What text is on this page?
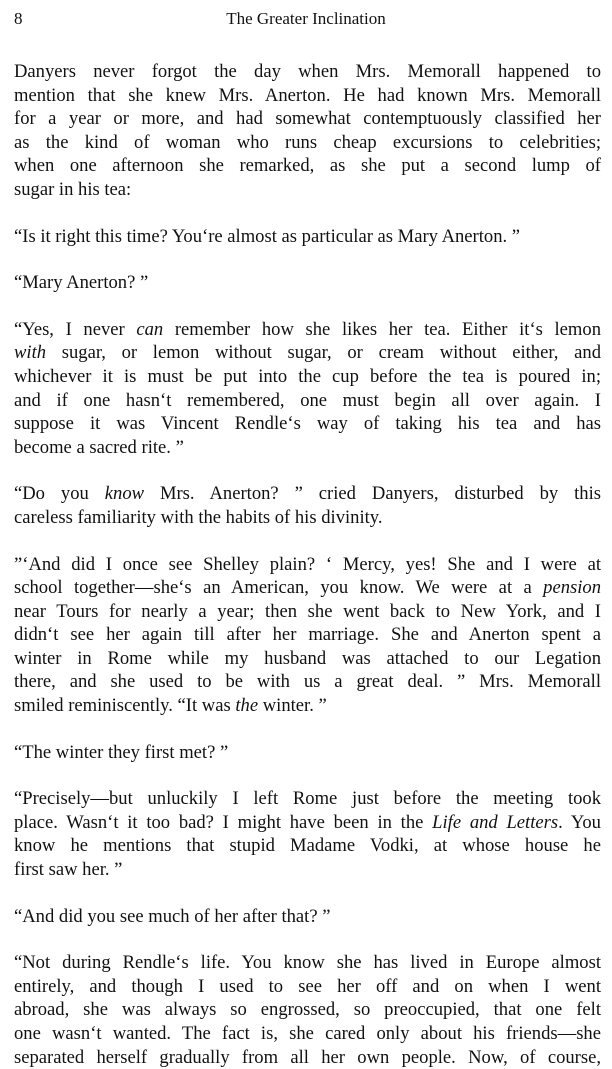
8	The Greater Inclination

Danyers never forgot the day when Mrs. Memorall happened to
mention that she knew Mrs. Anerton. He had known Mrs. Memorall
for a year or more, and had somewhat contemptuously classified her
as the kind of woman who runs cheap excursions to celebrities;
when one afternoon she remarked, as she put a second lump of
sugar in his tea:

“Is it right this time? You‘re almost as particular as Mary Anerton. ”

“Mary Anerton? ”

“Yes, I never can remember how she likes her tea. Either it‘s lemon
with sugar, or lemon without sugar, or cream without either, and
whichever it is must be put into the cup before the tea is poured in;
and if one hasn‘t remembered, one must begin all over again. I
suppose it was Vincent Rendle‘s way of taking his tea and has
become a sacred rite. ”

“Do you know Mrs. Anerton? ” cried Danyers, disturbed by this
careless familiarity with the habits of his divinity.

”‘And did I once see Shelley plain? ‘ Mercy, yes! She and I were at
school together—she‘s an American, you know. We were at a pension
near Tours for nearly a year; then she went back to New York, and I
didn‘t see her again till after her marriage. She and Anerton spent a
winter in Rome while my husband was attached to our Legation
there, and she used to be with us a great deal. ” Mrs. Memorall
smiled reminiscently. “It was the winter. ”

“The winter they first met? ”

“Precisely—but unluckily I left Rome just before the meeting took
place. Wasn‘t it too bad? I might have been in the Life and Letters. You
know he mentions that stupid Madame Vodki, at whose house he
first saw her. ”

“And did you see much of her after that? ”

“Not during Rendle‘s life. You know she has lived in Europe almost
entirely, and though I used to see her off and on when I went
abroad, she was always so engrossed, so preoccupied, that one felt
one wasn‘t wanted. The fact is, she cared only about his friends—she
separated herself gradually from all her own people. Now, of course,
